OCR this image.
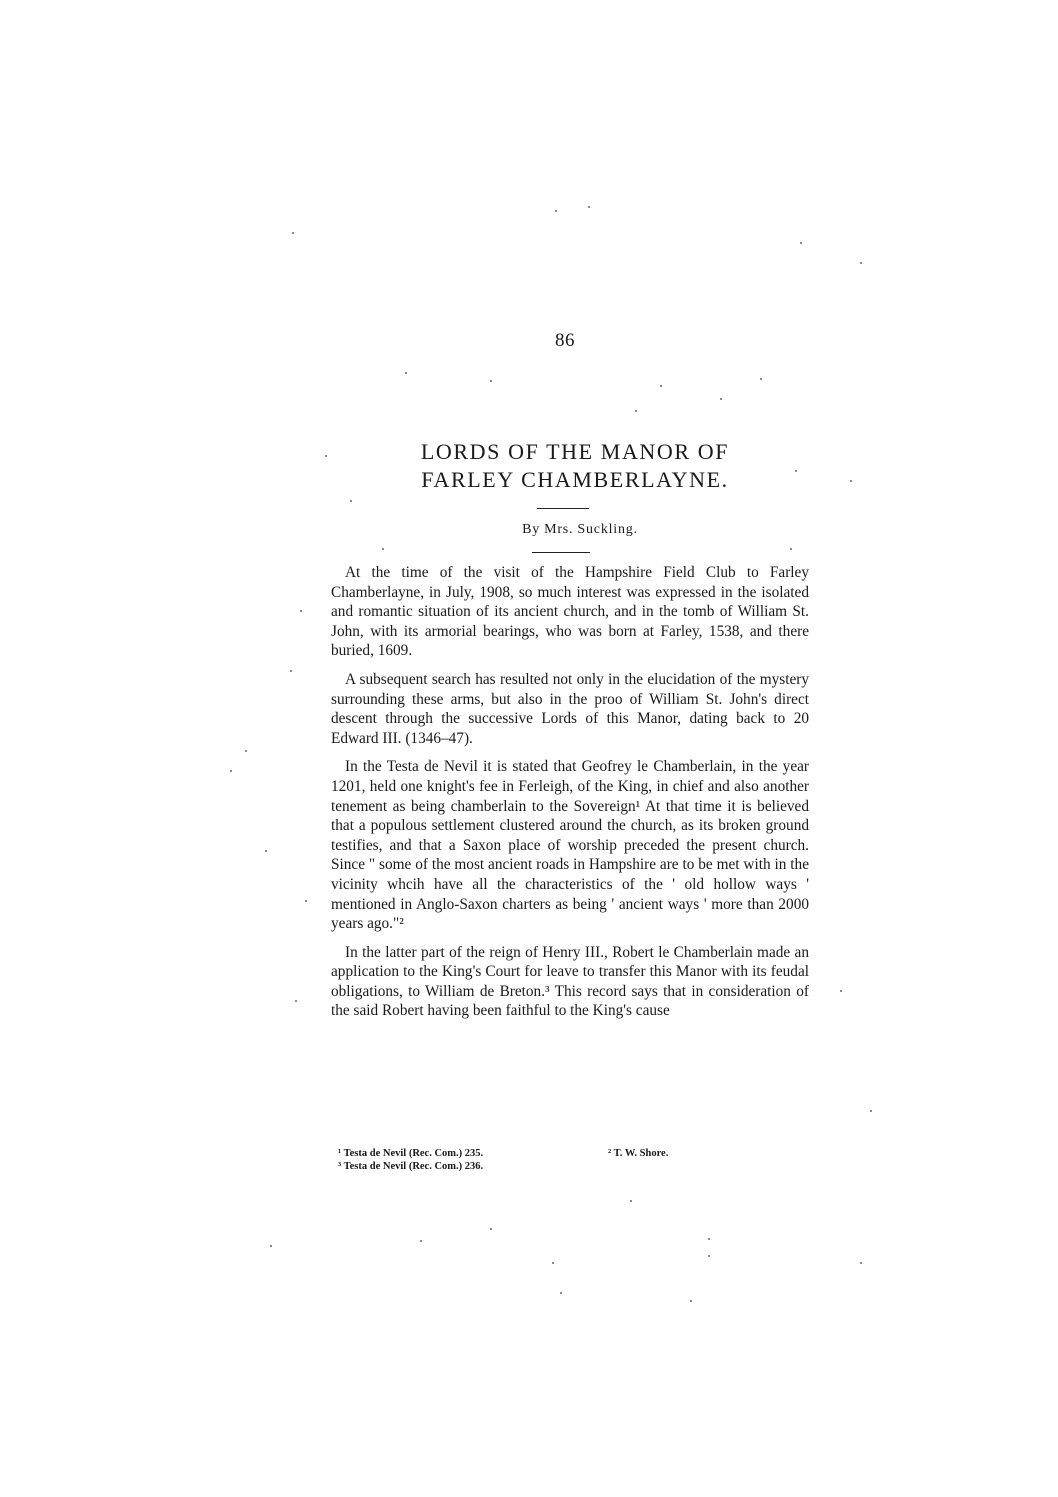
86
LORDS OF THE MANOR OF
FARLEY CHAMBERLAYNE.
By Mrs. Suckling.

At the time of the visit of the Hampshire Field Club to Farley Chamberlayne, in July, 1908, so much interest was expressed in the isolated and romantic situation of its ancient church, and in the tomb of William St. John, with its armorial bearings, who was born at Farley, 1538, and there buried, 1609.

A subsequent search has resulted not only in the elucidation of the mystery surrounding these arms, but also in the proo of William St. John's direct descent through the successive Lords of this Manor, dating back to 20 Edward III. (1346–47).

In the Testa de Nevil it is stated that Geofrey le Chamberlain, in the year 1201, held one knight's fee in Ferleigh, of the King, in chief and also another tenement as being chamberlain to the Sovereign¹ At that time it is believed that a populous settlement clustered around the church, as its broken ground testifies, and that a Saxon place of worship preceded the present church. Since " some of the most ancient roads in Hampshire are to be met with in the vicinity whcih have all the characteristics of the ' old hollow ways ' mentioned in Anglo-Saxon charters as being ' ancient ways ' more than 2000 years ago."²

In the latter part of the reign of Henry III., Robert le Chamberlain made an application to the King's Court for leave to transfer this Manor with its feudal obligations, to William de Breton.³ This record says that in consideration of the said Robert having been faithful to the King's cause

¹ Testa de Nevil (Rec. Com.) 235.	² T. W. Shore.
³ Testa de Nevil (Rec. Com.) 236.
